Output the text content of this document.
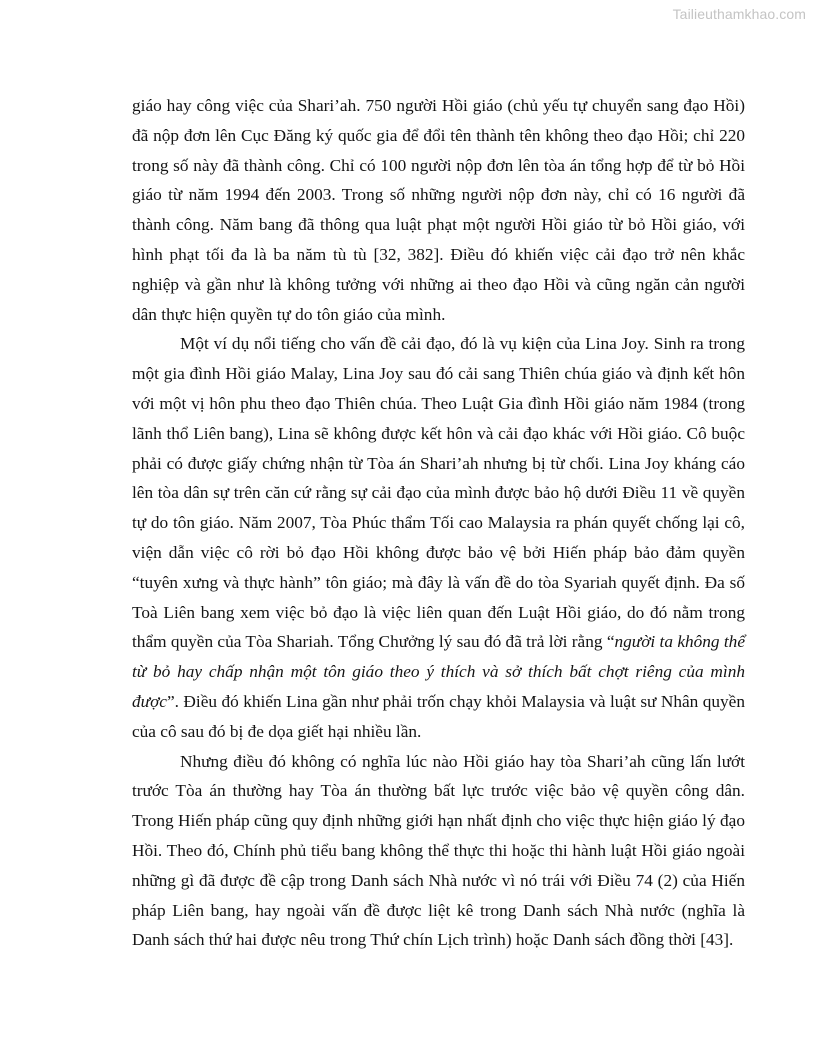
Tailieuthamkhao.com

giáo hay công việc của Shari’ah. 750 người Hồi giáo (chủ yếu tự chuyển sang đạo Hồi) đã nộp đơn lên Cục Đăng ký quốc gia để đổi tên thành tên không theo đạo Hồi; chỉ 220 trong số này đã thành công. Chỉ có 100 người nộp đơn lên tòa án tổng hợp để từ bỏ Hồi giáo từ năm 1994 đến 2003. Trong số những người nộp đơn này, chỉ có 16 người đã thành công. Năm bang đã thông qua luật phạt một người Hồi giáo từ bỏ Hồi giáo, với hình phạt tối đa là ba năm tù tù [32, 382]. Điều đó khiến việc cải đạo trở nên khắc nghiệp và gần như là không tưởng với những ai theo đạo Hồi và cũng ngăn cản người dân thực hiện quyền tự do tôn giáo của mình.

Một ví dụ nổi tiếng cho vấn đề cải đạo, đó là vụ kiện của Lina Joy. Sinh ra trong một gia đình Hồi giáo Malay, Lina Joy sau đó cải sang Thiên chúa giáo và định kết hôn với một vị hôn phu theo đạo Thiên chúa. Theo Luật Gia đình Hồi giáo năm 1984 (trong lãnh thổ Liên bang), Lina sẽ không được kết hôn và cải đạo khác với Hồi giáo. Cô buộc phải có được giấy chứng nhận từ Tòa án Shari’ah nhưng bị từ chối. Lina Joy kháng cáo lên tòa dân sự trên căn cứ rằng sự cải đạo của mình được bảo hộ dưới Điều 11 về quyền tự do tôn giáo. Năm 2007, Tòa Phúc thẩm Tối cao Malaysia ra phán quyết chống lại cô, viện dẫn việc cô rời bỏ đạo Hồi không được bảo vệ bởi Hiến pháp bảo đảm quyền “tuyên xưng và thực hành” tôn giáo; mà đây là vấn đề do tòa Syariah quyết định. Đa số Toà Liên bang xem việc bỏ đạo là việc liên quan đến Luật Hồi giáo, do đó nằm trong thẩm quyền của Tòa Shariah. Tổng Chưởng lý sau đó đã trả lời rằng “người ta không thể từ bỏ hay chấp nhận một tôn giáo theo ý thích và sở thích bất chợt riêng của mình được”. Điều đó khiến Lina gần như phải trốn chạy khỏi Malaysia và luật sư Nhân quyền của cô sau đó bị đe dọa giết hại nhiều lần.

Nhưng điều đó không có nghĩa lúc nào Hồi giáo hay tòa Shari’ah cũng lấn lướt trước Tòa án thường hay Tòa án thường bất lực trước việc bảo vệ quyền công dân. Trong Hiến pháp cũng quy định những giới hạn nhất định cho việc thực hiện giáo lý đạo Hồi. Theo đó, Chính phủ tiểu bang không thể thực thi hoặc thi hành luật Hồi giáo ngoài những gì đã được đề cập trong Danh sách Nhà nước vì nó trái với Điều 74 (2) của Hiến pháp Liên bang, hay ngoài vấn đề được liệt kê trong Danh sách Nhà nước (nghĩa là Danh sách thứ hai được nêu trong Thứ chín Lịch trình) hoặc Danh sách đồng thời [43].
